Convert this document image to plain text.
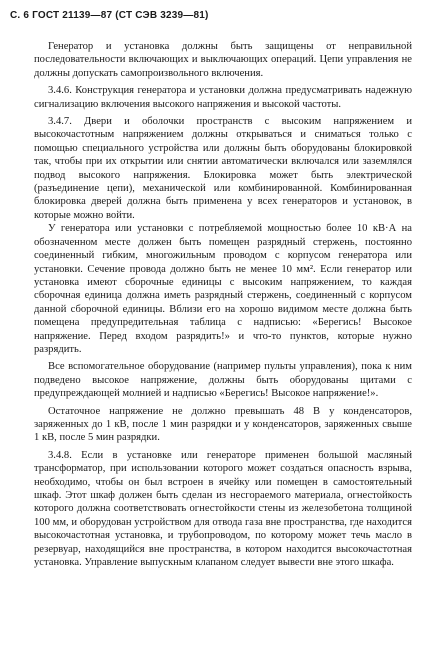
С. 6 ГОСТ 21139—87 (СТ СЭВ 3239—81)

Генератор и установка должны быть защищены от неправильной последовательности включающих и выключающих операций. Цепи управления не должны допускать самопроизвольного включения.

3.4.6. Конструкция генератора и установки должна предусматривать надежную сигнализацию включения высокого напряжения и высокой частоты.

3.4.7. Двери и оболочки пространств с высоким напряжением и высокочастотным напряжением должны открываться и сниматься только с помощью специального устройства или должны быть оборудованы блокировкой так, чтобы при их открытии или снятии автоматически включался или заземлялся подвод высокого напряжения. Блокировка может быть электрической (разъединение цепи), механической или комбинированной. Комбинированная блокировка дверей должна быть применена у всех генераторов и установок, в которые можно войти.

У генератора или установки с потребляемой мощностью более 10 кВ·А на обозначенном месте должен быть помещен разрядный стержень, постоянно соединенный гибким, многожильным проводом с корпусом генератора или установки. Сечение провода должно быть не менее 10 мм². Если генератор или установка имеют сборочные единицы с высоким напряжением, то каждая сборочная единица должна иметь разрядный стержень, соединенный с корпусом данной сборочной единицы. Вблизи его на хорошо видимом месте должна быть помещена предупредительная таблица с надписью: «Берегись! Высокое напряжение. Перед входом разрядить!» и что-то пунктов, которые нужно разрядить.

Все вспомогательное оборудование (например пульты управления), пока к ним подведено высокое напряжение, должны быть оборудованы щитами с предупреждающей молнией и надписью «Берегись! Высокое напряжение!».

Остаточное напряжение не должно превышать 48 В у конденсаторов, заряженных до 1 кВ, после 1 мин разрядки и у конденсаторов, заряженных свыше 1 кВ, после 5 мин разрядки.

3.4.8. Если в установке или генераторе применен большой масляный трансформатор, при использовании которого может создаться опасность взрыва, необходимо, чтобы он был встроен в ячейку или помещен в самостоятельный шкаф. Этот шкаф должен быть сделан из несгораемого материала, огнестойкость которого должна соответствовать огнестойкости стены из железобетона толщиной 100 мм, и оборудован устройством для отвода газа вне пространства, где находится высокочастотная установка, и трубопроводом, по которому может течь масло в резервуар, находящийся вне пространства, в котором находится высокочастотная установка. Управление выпускным клапаном следует вывести вне этого шкафа.
